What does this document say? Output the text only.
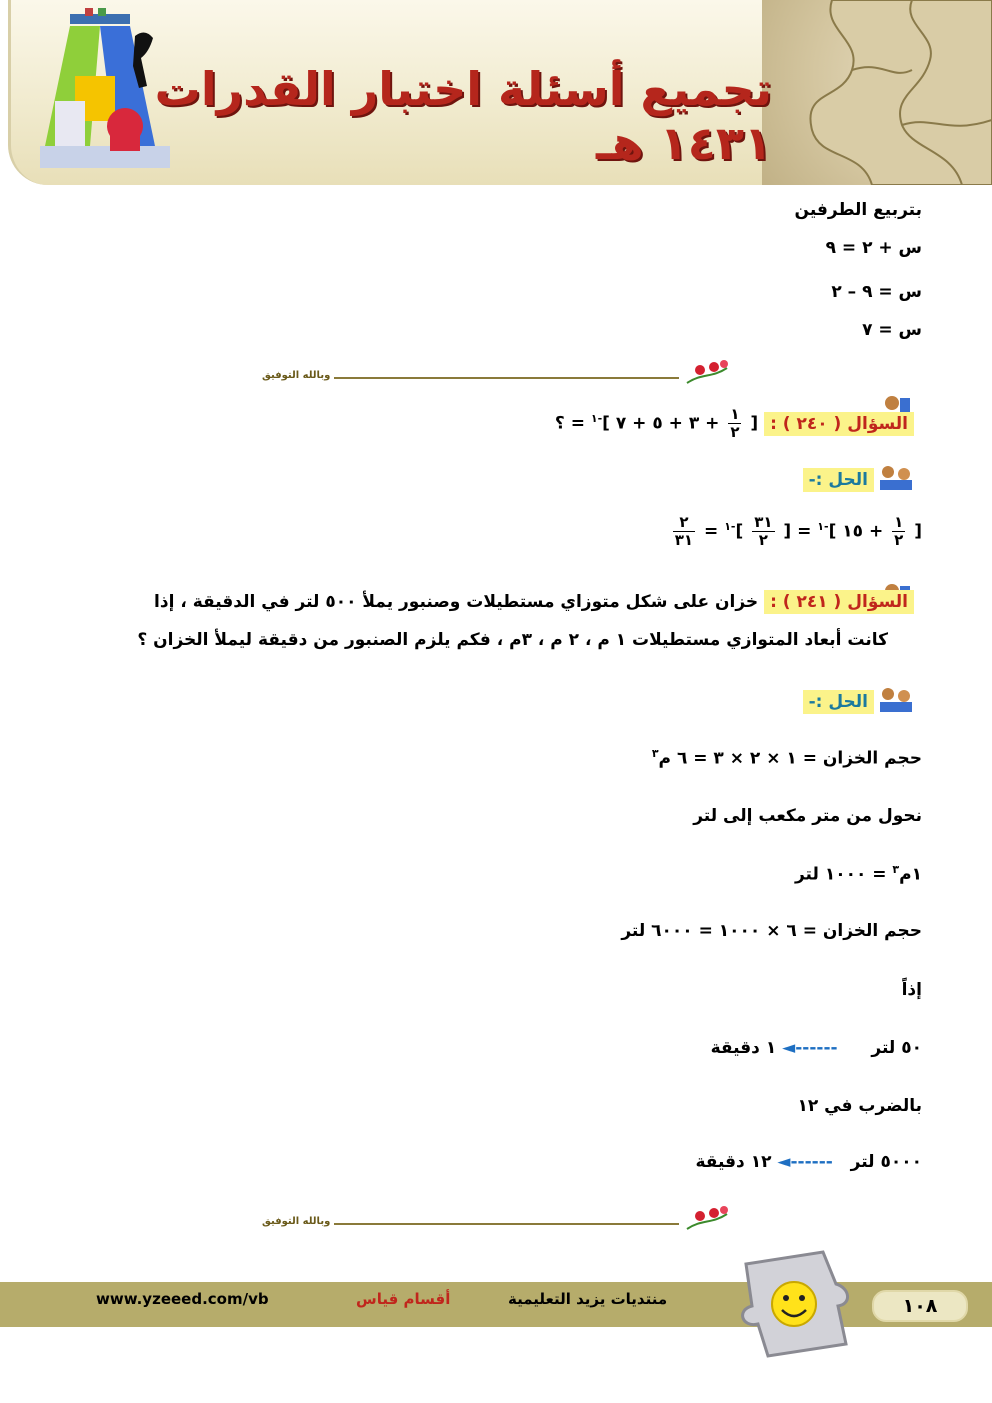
تجميع أسئلة اختبار القدرات ١٤٣١ هـ
بتربيع الطرفين
س + ٢ = ٩
س = ٩ – ٢
س = ٧
وبالله التوفيق
السؤال ( ٢٤٠ ) : [
$\frac{١}{٢}$
+ ٣ + ٥ + ٧ ]$^{-١}$ = ؟
الحل :-
[
$\frac{١}{٢}$
+ ١٥ ]$^{-١}$ = [
$\frac{٣١}{٢}$
]$^{-١}$ =
$\frac{٢}{٣١}$
السؤال ( ٢٤١ ) : خزان على شكل متوزاي مستطيلات وصنبور يملأ ٥٠٠ لتر في الدقيقة ، إذا
كانت أبعاد المتوازي مستطيلات ١ م ، ٢ م ، ٣م ، فكم يلزم الصنبور من دقيقة ليملأ الخزان ؟
الحل :-
حجم الخزان = ١ × ٢ × ٣ = ٦ م$^٣$
نحول من متر مكعب إلى لتر
١م$^٣$ = ١٠٠٠ لتر
حجم الخزان = ٦ × ١٠٠٠ = ٦٠٠٠ لتر
إذاً
٥٠ لتر  ------◄ ١ دقيقة
بالضرب في ١٢
٥٠٠٠ لتر  ------◄ ١٢ دقيقة
وبالله التوفيق
www.yzeeed.com/vb	أقسام قياس	منتديات يزيد التعليمية	١٠٨
